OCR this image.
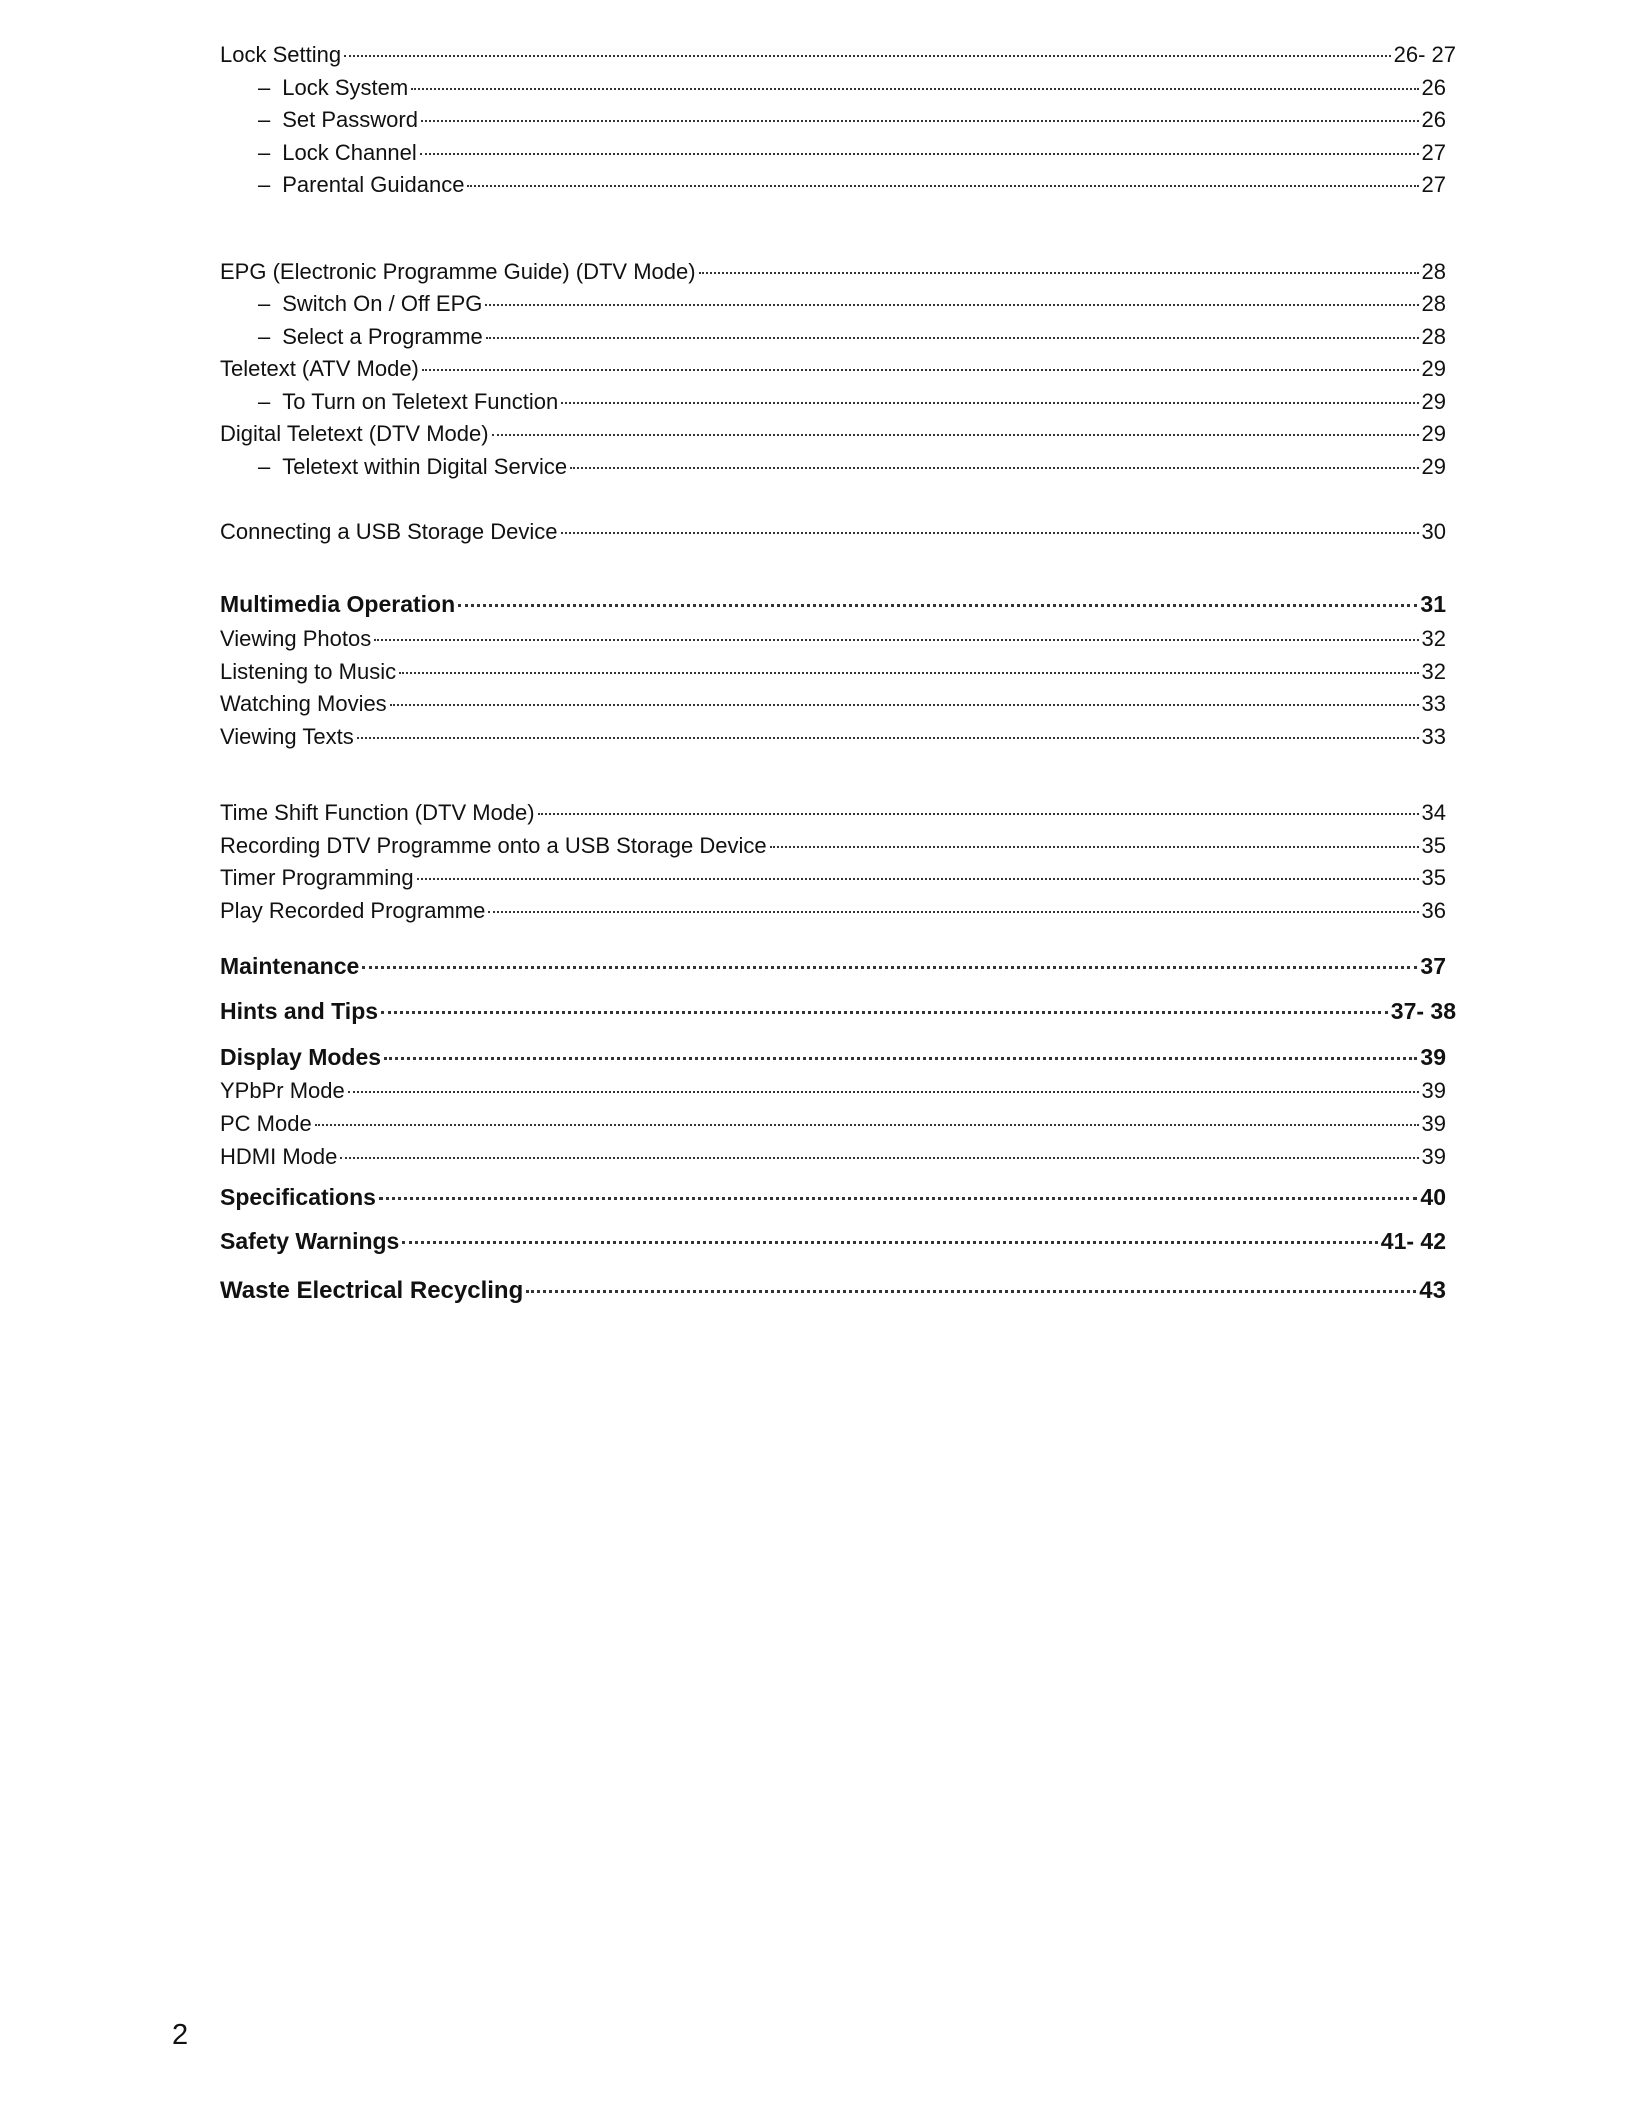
Lock Setting	26- 27
– Lock System	26
– Set Password	26
– Lock Channel	27
– Parental Guidance	27
EPG (Electronic Programme Guide) (DTV Mode)	28
– Switch On / Off EPG	28
– Select a Programme	28
Teletext (ATV Mode)	29
– To Turn on Teletext Function	29
Digital Teletext (DTV Mode)	29
– Teletext within Digital Service	29
Connecting a USB Storage Device	30
Multimedia Operation	31
Viewing Photos	32
Listening to Music	32
Watching Movies	33
Viewing Texts	33
Time Shift Function (DTV Mode)	34
Recording DTV Programme onto a USB Storage Device	35
Timer Programming	35
Play Recorded Programme	36
Maintenance	37
Hints and Tips	37- 38
Display Modes	39
YPbPr Mode	39
PC Mode	39
HDMI Mode	39
Specifications	40
Safety Warnings	41- 42
Waste Electrical Recycling	43
2
